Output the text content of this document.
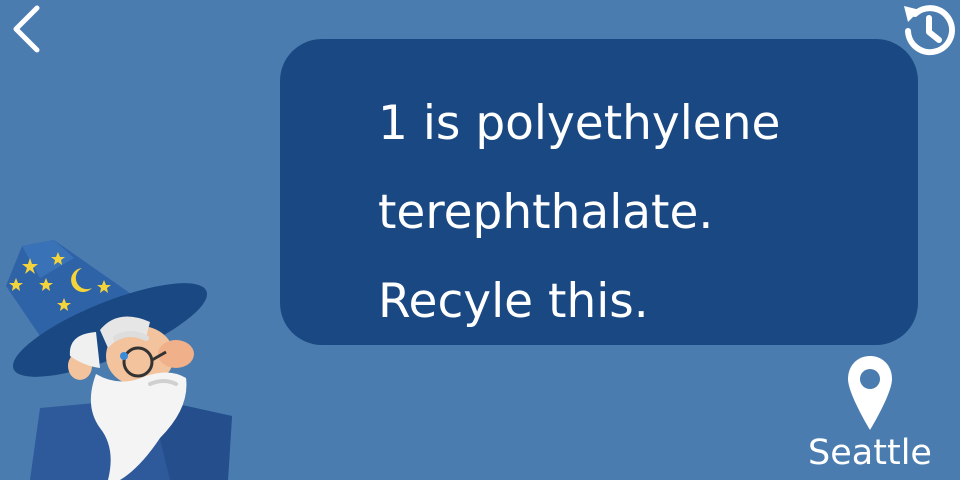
1 is polyethylene
terephthalate.
Recyle this.
Seattle
